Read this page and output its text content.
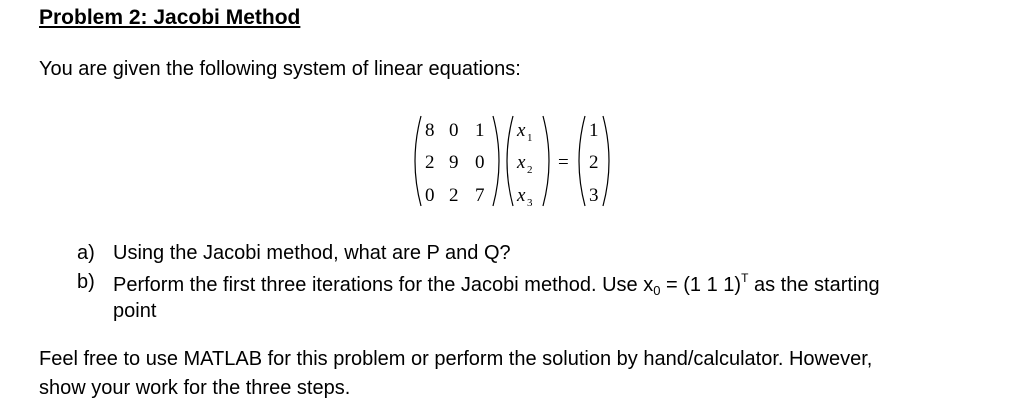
Problem 2: Jacobi Method
You are given the following system of linear equations:
8 0 1
2 9 0
0 2 7
x 1
x 2
x 3
=
1
2
3
a) Using the Jacobi method, what are P and Q?
b) Perform the first three iterations for the Jacobi method. Use $x_0 = (1$ 1 1)$^T$ as the starting
point
Feel free to use MATLAB for this problem or perform the solution by hand/calculator. However,
show your work for the three steps.
